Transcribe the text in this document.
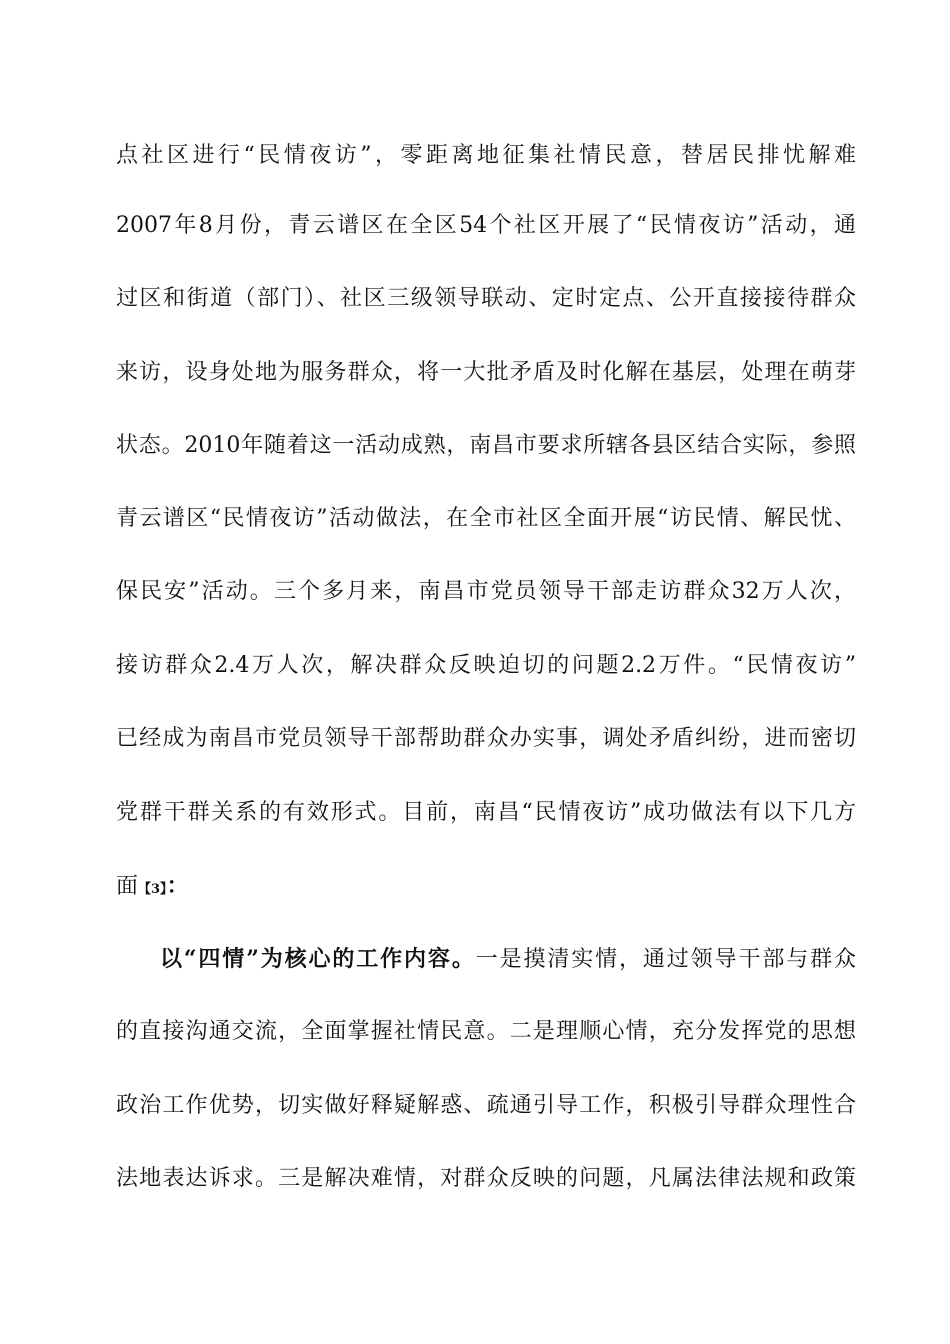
点社区进行“民情夜访”，零距离地征集社情民意，替居民排忧解难
2007年8月份，青云谱区在全区54个社区开展了“民情夜访”活动，通
过区和街道（部门）、社区三级领导联动、定时定点、公开直接接待群众
来访，设身处地为服务群众，将一大批矛盾及时化解在基层，处理在萌芽
状态。2010年随着这一活动成熟，南昌市要求所辖各县区结合实际，参照
青云谱区“民情夜访”活动做法，在全市社区全面开展“访民情、解民忧、
保民安”活动。三个多月来，南昌市党员领导干部走访群众32万人次，
接访群众2.4万人次，解决群众反映迫切的问题2.2万件。“民情夜访”
已经成为南昌市党员领导干部帮助群众办实事，调处矛盾纠纷，进而密切
党群干群关系的有效形式。目前，南昌“民情夜访”成功做法有以下几方
面【3】：
以“四情”为核心的工作内容。一是摸清实情，通过领导干部与群众
的直接沟通交流，全面掌握社情民意。二是理顺心情，充分发挥党的思想
政治工作优势，切实做好释疑解惑、疏通引导工作，积极引导群众理性合
法地表达诉求。三是解决难情，对群众反映的问题，凡属法律法规和政策
